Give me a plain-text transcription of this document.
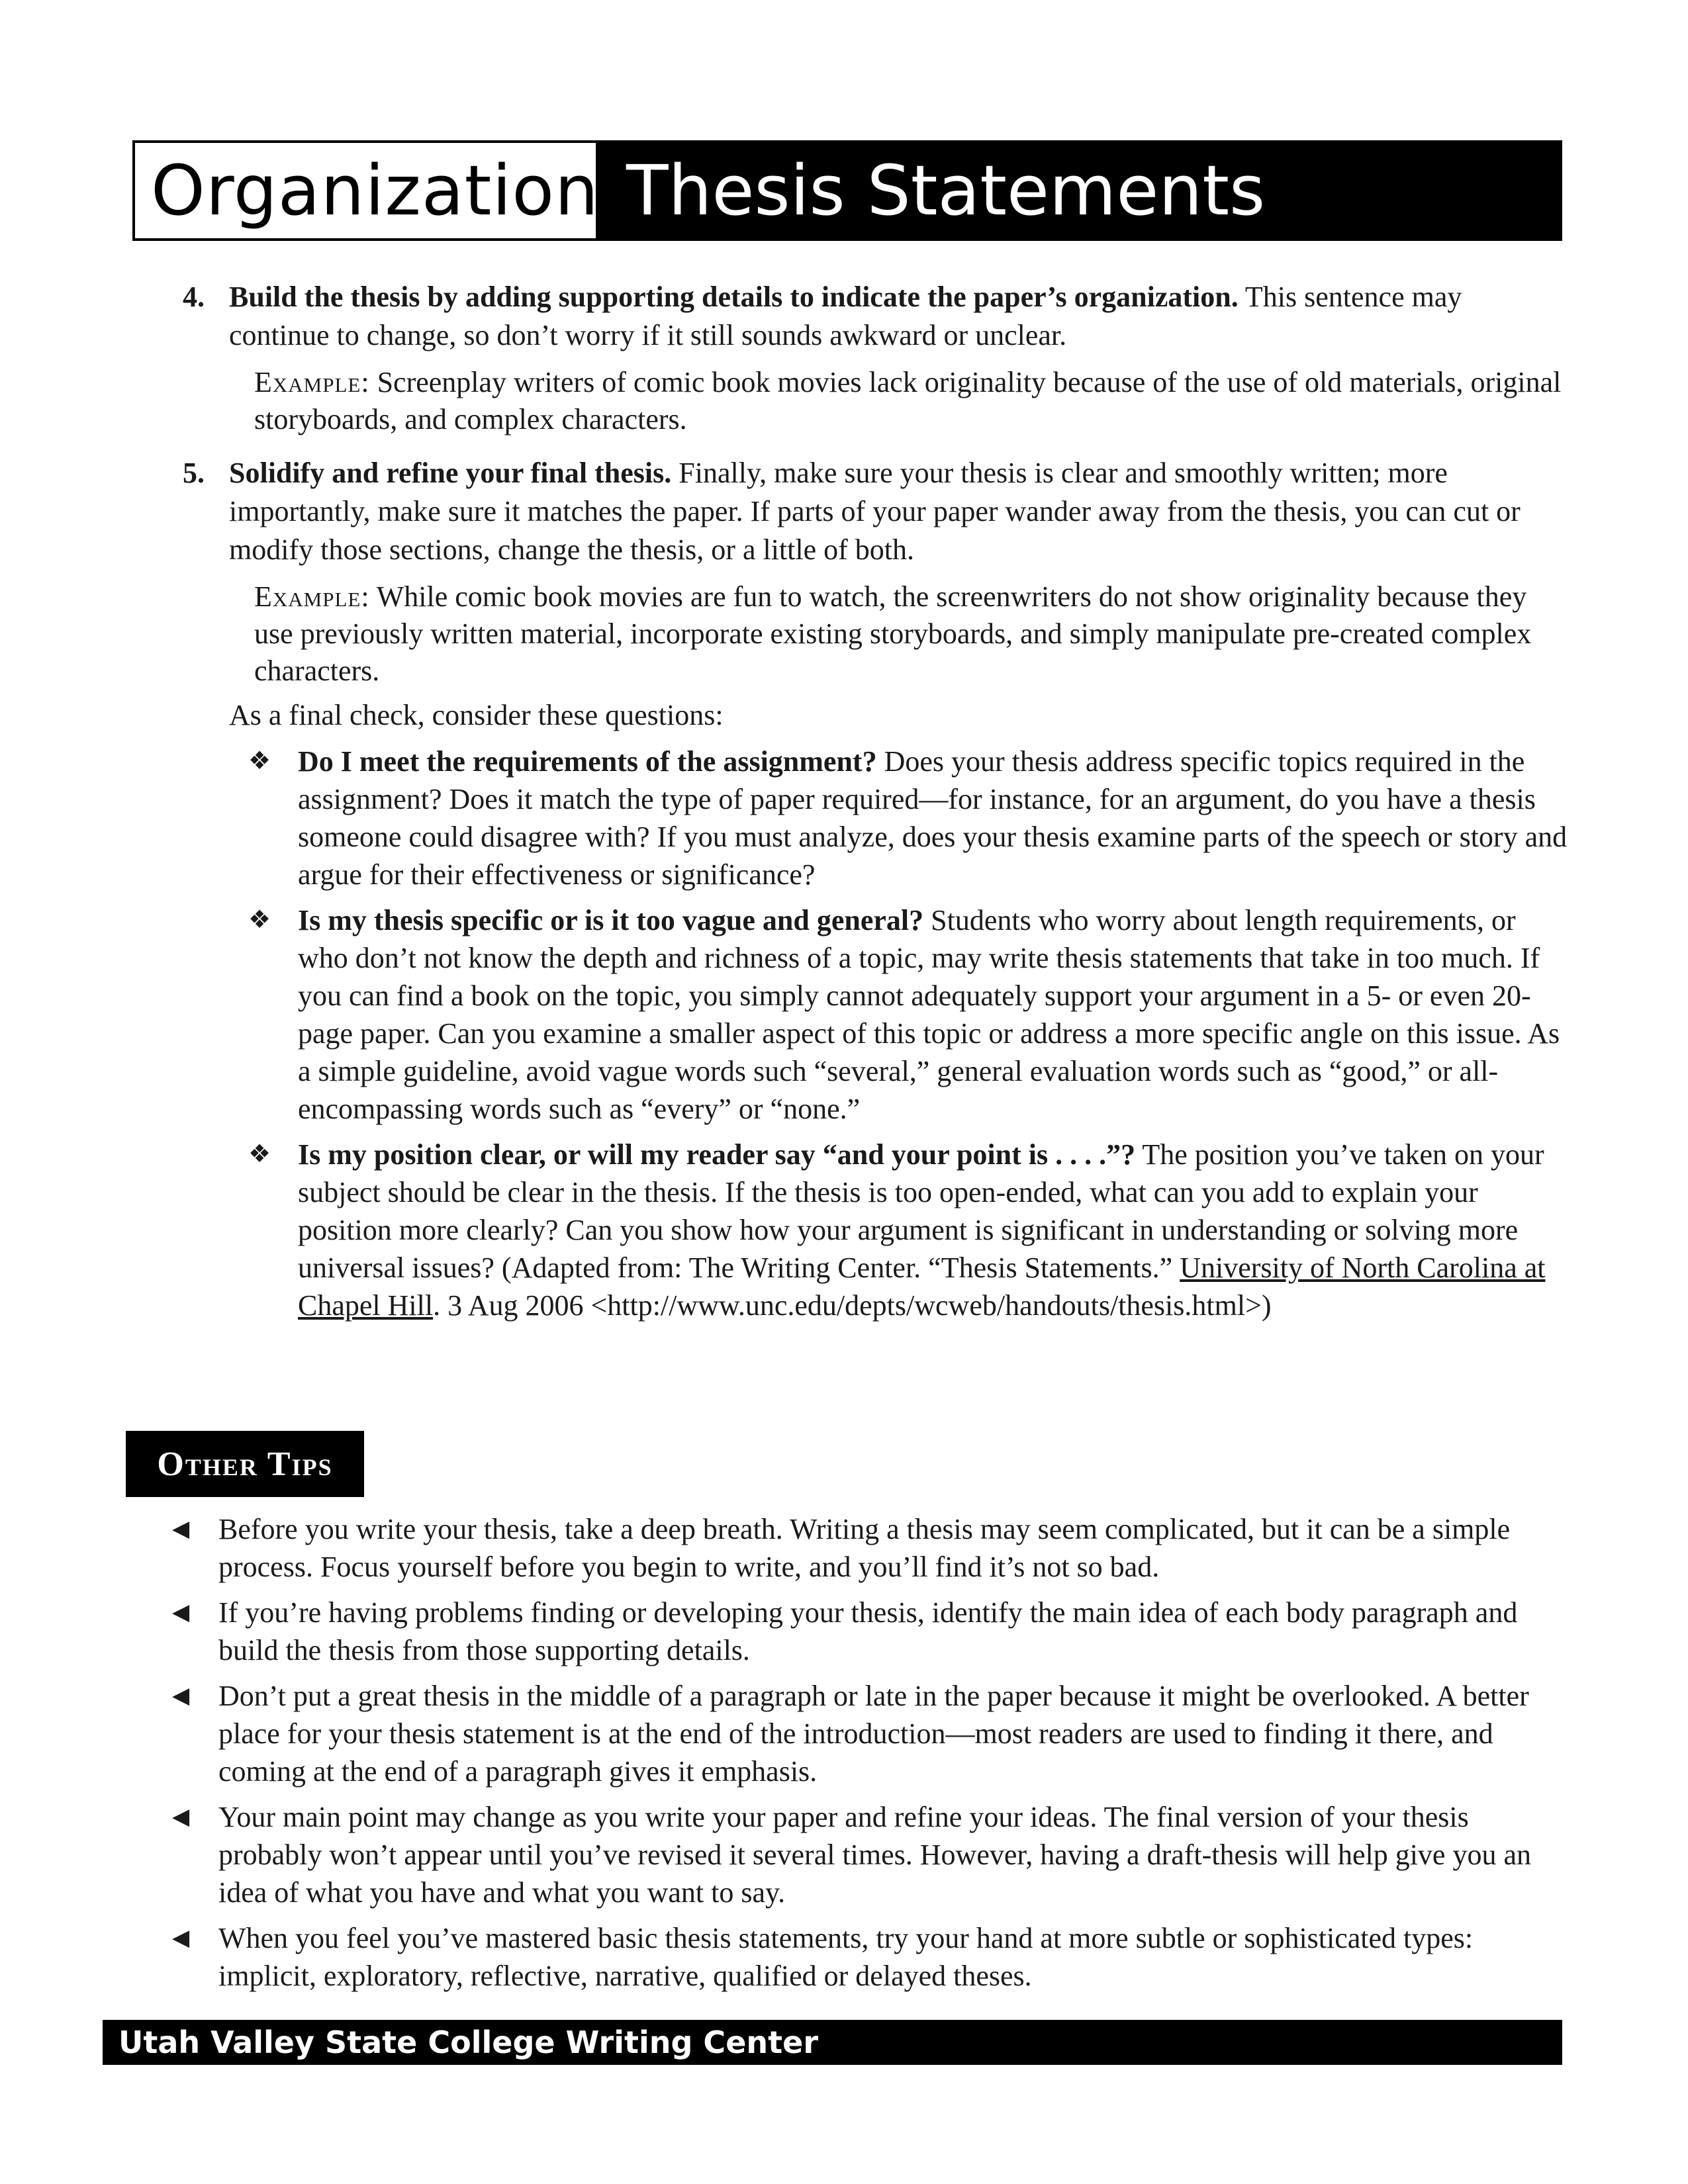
Organization Thesis Statements
4. Build the thesis by adding supporting details to indicate the paper’s organization. This sentence may continue to change, so don’t worry if it still sounds awkward or unclear.
Example: Screenplay writers of comic book movies lack originality because of the use of old materials, original storyboards, and complex characters.
5. Solidify and refine your final thesis. Finally, make sure your thesis is clear and smoothly written; more importantly, make sure it matches the paper. If parts of your paper wander away from the thesis, you can cut or modify those sections, change the thesis, or a little of both.
Example: While comic book movies are fun to watch, the screenwriters do not show originality because they use previously written material, incorporate existing storyboards, and simply manipulate pre-created complex characters.
As a final check, consider these questions:
❖ Do I meet the requirements of the assignment? Does your thesis address specific topics required in the assignment? Does it match the type of paper required—for instance, for an argument, do you have a thesis someone could disagree with? If you must analyze, does your thesis examine parts of the speech or story and argue for their effectiveness or significance?
❖ Is my thesis specific or is it too vague and general? Students who worry about length requirements, or who don’t not know the depth and richness of a topic, may write thesis statements that take in too much. If you can find a book on the topic, you simply cannot adequately support your argument in a 5- or even 20-page paper. Can you examine a smaller aspect of this topic or address a more specific angle on this issue. As a simple guideline, avoid vague words such “several,” general evaluation words such as “good,” or all-encompassing words such as “every” or “none.”
❖ Is my position clear, or will my reader say “and your point is . . . .”? The position you’ve taken on your subject should be clear in the thesis. If the thesis is too open-ended, what can you add to explain your position more clearly? Can you show how your argument is significant in understanding or solving more universal issues? (Adapted from: The Writing Center. “Thesis Statements.” University of North Carolina at Chapel Hill. 3 Aug 2006 <http://www.unc.edu/depts/wcweb/handouts/thesis.html>)
Other Tips
◀ Before you write your thesis, take a deep breath. Writing a thesis may seem complicated, but it can be a simple process. Focus yourself before you begin to write, and you’ll find it’s not so bad.
◀ If you’re having problems finding or developing your thesis, identify the main idea of each body paragraph and build the thesis from those supporting details.
◀ Don’t put a great thesis in the middle of a paragraph or late in the paper because it might be overlooked. A better place for your thesis statement is at the end of the introduction—most readers are used to finding it there, and coming at the end of a paragraph gives it emphasis.
◀ Your main point may change as you write your paper and refine your ideas. The final version of your thesis probably won’t appear until you’ve revised it several times. However, having a draft-thesis will help give you an idea of what you have and what you want to say.
◀ When you feel you’ve mastered basic thesis statements, try your hand at more subtle or sophisticated types: implicit, exploratory, reflective, narrative, qualified or delayed theses.
Utah Valley State College Writing Center
